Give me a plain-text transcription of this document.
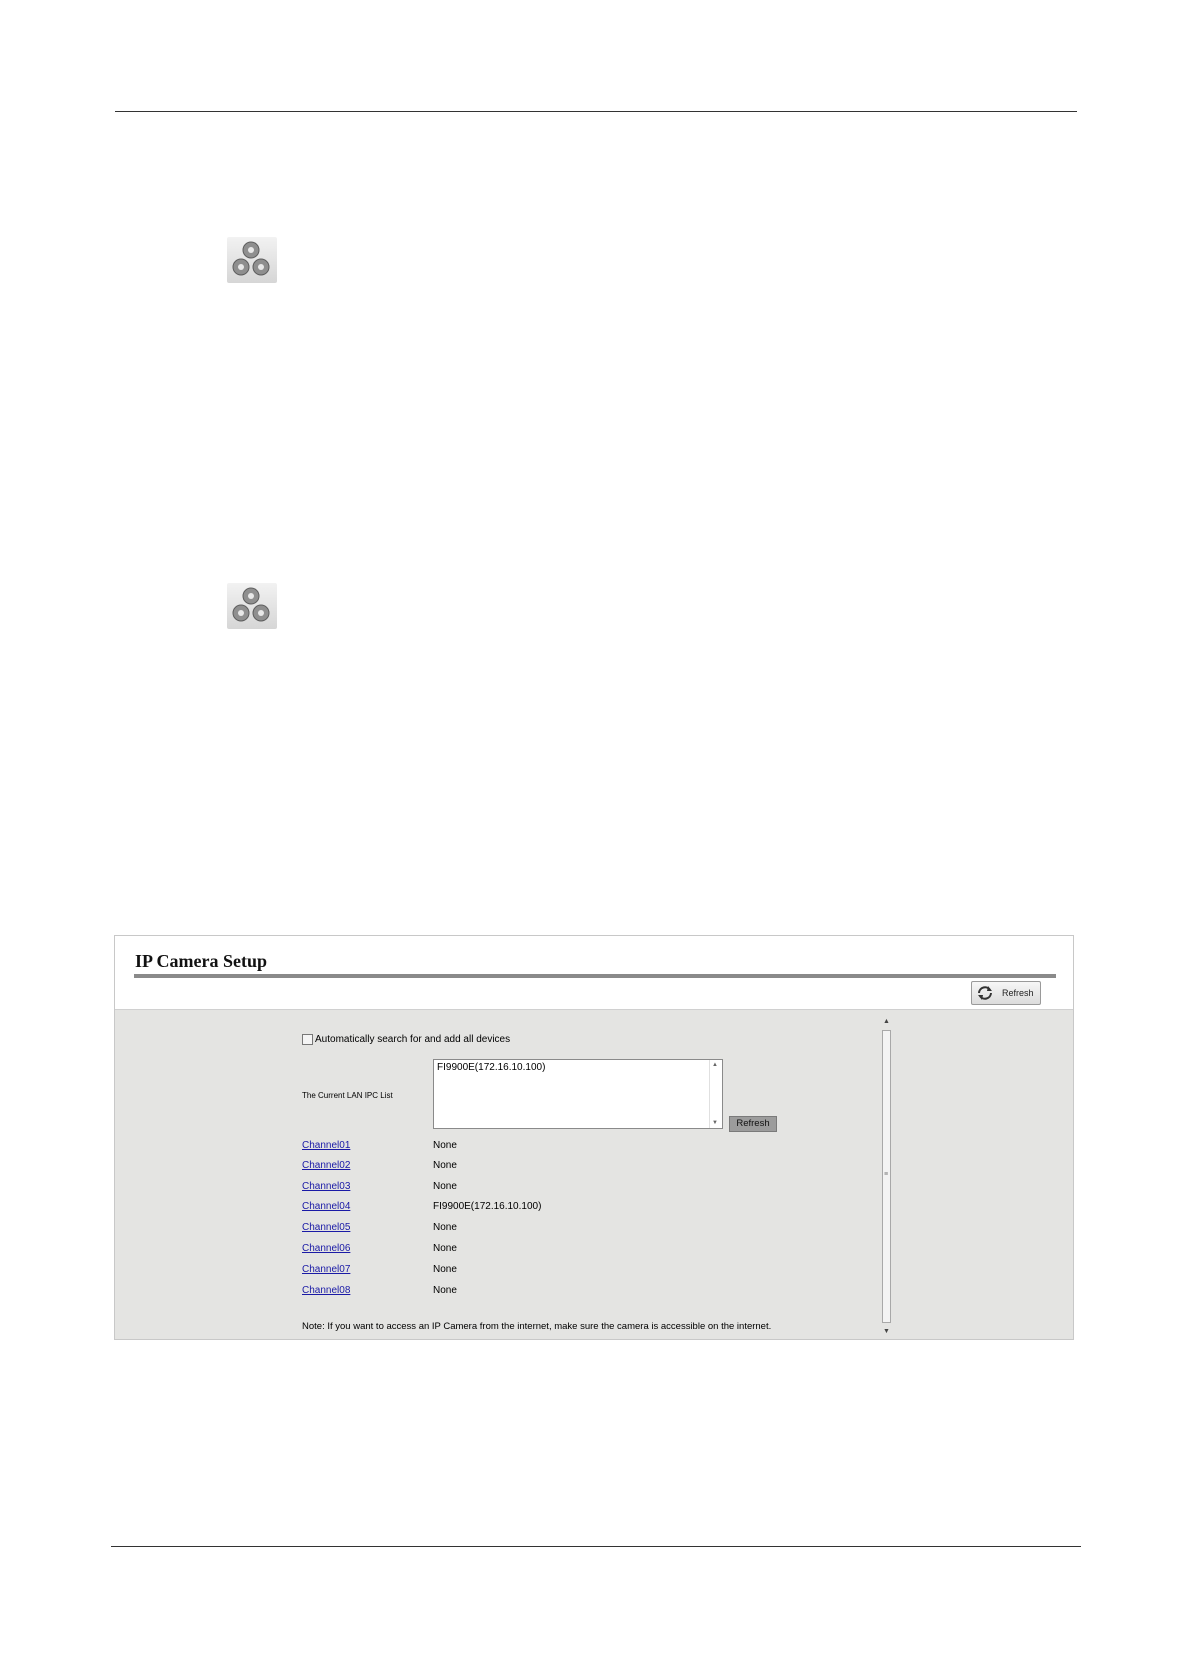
IP Camera Setup
Refresh
Automatically search for and add all devices
The Current LAN IPC List
FI9900E(172.16.10.100)	▲
▼	Refresh
Channel01	None
Channel02	None
Channel03	None
Channel04	FI9900E(172.16.10.100)
Channel05	None
Channel06	None
Channel07	None
Channel08	None
Note: If you want to access an IP Camera from the internet, make sure the camera is accessible on the internet.
▲
≡
▼
